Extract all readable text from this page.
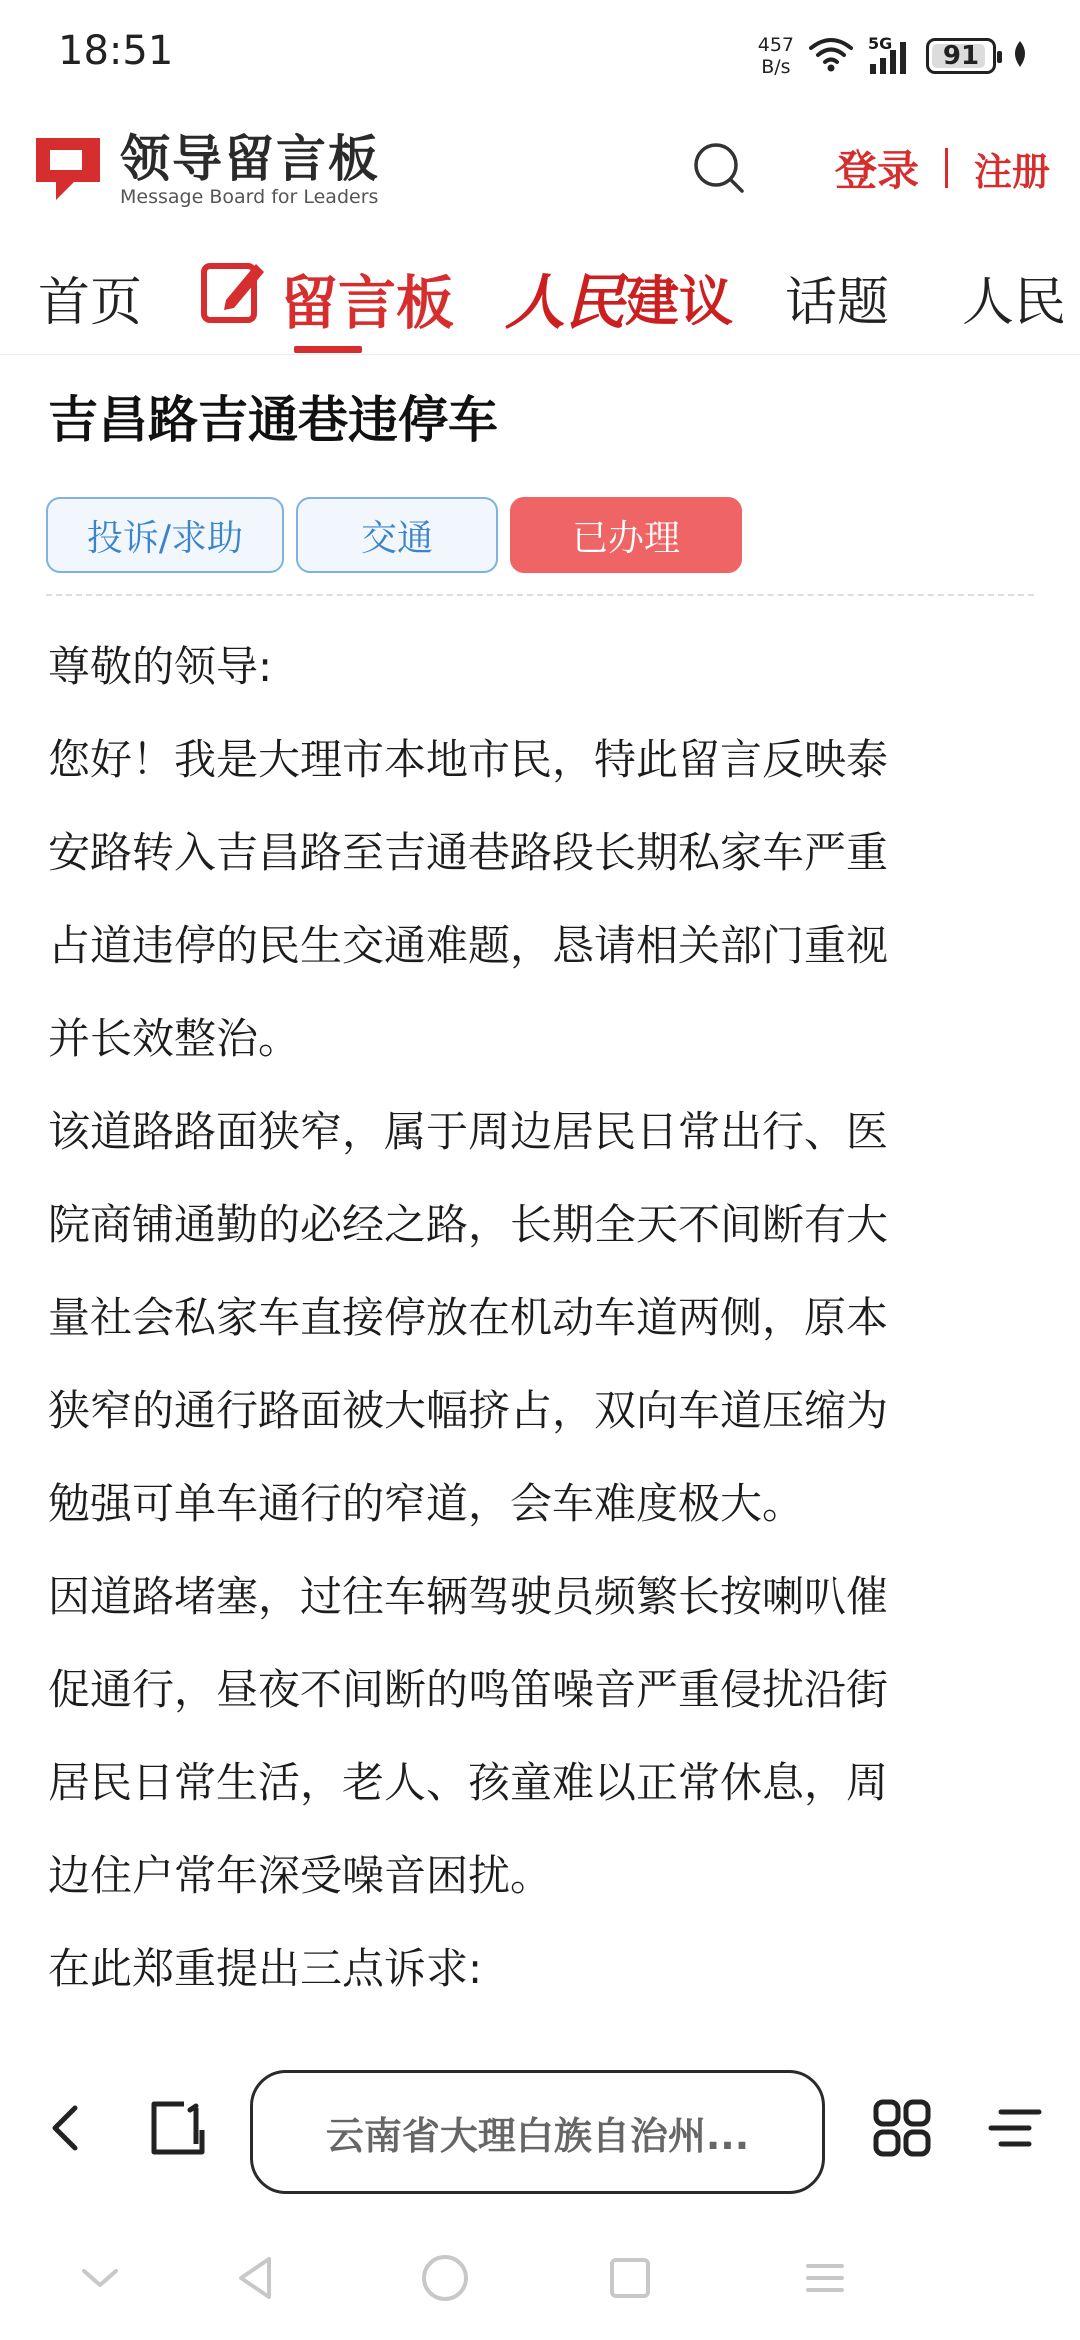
18:51	457
B/s
5G 91
领导留言板
Message Board for Leaders
登录 注册
首页 留言板 人民 建议 话题 人民
吉昌路吉通巷违停车
投诉/求助	交通	已办理
尊敬的领导:
您好！我是大理市本地市民，特此留言反映泰
安路转入吉昌路至吉通巷路段长期私家车严重
占道违停的民生交通难题，恳请相关部门重视
并长效整治。
该道路路面狭窄，属于周边居民日常出行、医
院商铺通勤的必经之路，长期全天不间断有大
量社会私家车直接停放在机动车道两侧，原本
狭窄的通行路面被大幅挤占，双向车道压缩为
勉强可单车通行的窄道，会车难度极大。
因道路堵塞，过往车辆驾驶员频繁长按喇叭催
促通行，昼夜不间断的鸣笛噪音严重侵扰沿街
居民日常生活，老人、孩童难以正常休息，周
边住户常年深受噪音困扰。
在此郑重提出三点诉求:
云南省大理白族自治州...
